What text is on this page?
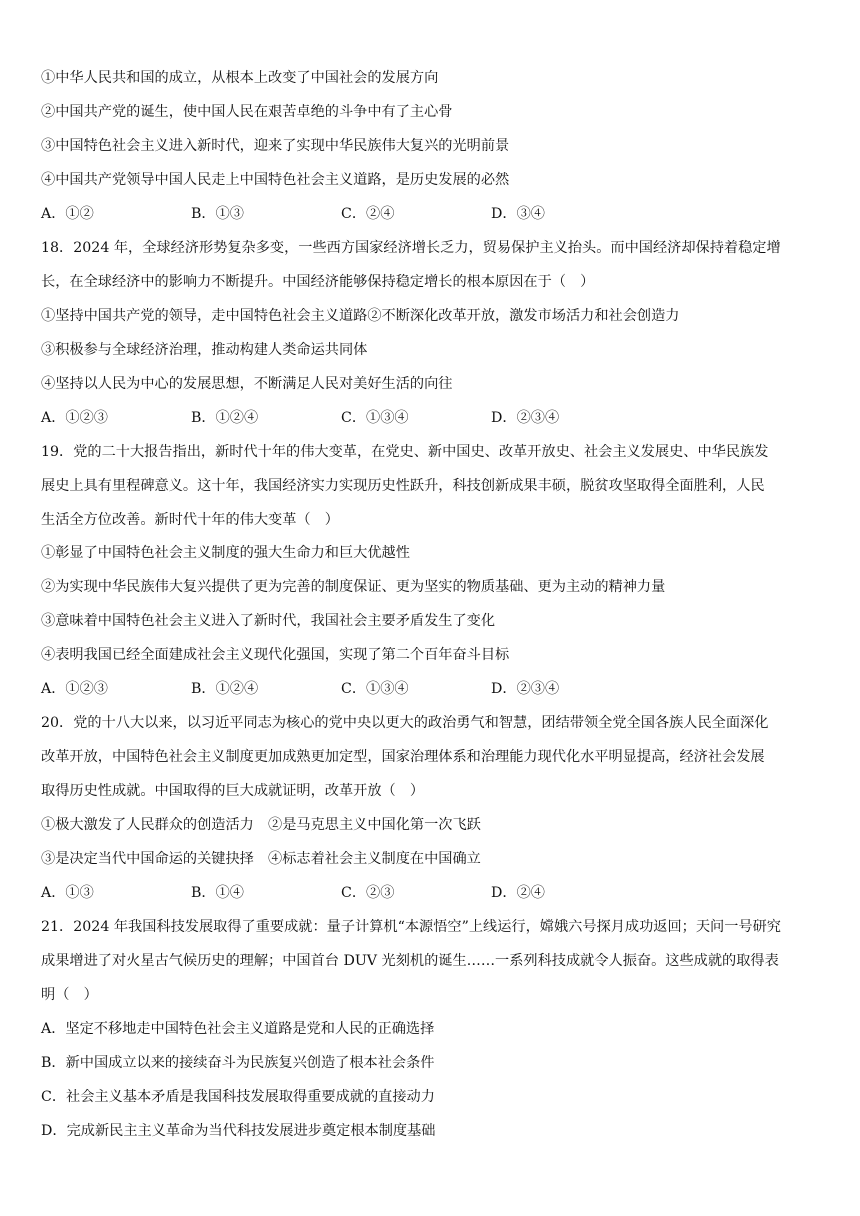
①中华人民共和国的成立，从根本上改变了中国社会的发展方向
②中国共产党的诞生，使中国人民在艰苦卓绝的斗争中有了主心骨
③中国特色社会主义进入新时代，迎来了实现中华民族伟大复兴的光明前景
④中国共产党领导中国人民走上中国特色社会主义道路，是历史发展的必然
A．①②	B．①③	C．②④	D．③④
18．2024 年，全球经济形势复杂多变，一些西方国家经济增长乏力，贸易保护主义抬头。而中国经济却保持着稳定增
长，在全球经济中的影响力不断提升。中国经济能够保持稳定增长的根本原因在于（　）
①坚持中国共产党的领导，走中国特色社会主义道路②不断深化改革开放，激发市场活力和社会创造力
③积极参与全球经济治理，推动构建人类命运共同体
④坚持以人民为中心的发展思想，不断满足人民对美好生活的向往
A．①②③	B．①②④	C．①③④	D．②③④
19．党的二十大报告指出，新时代十年的伟大变革，在党史、新中国史、改革开放史、社会主义发展史、中华民族发
展史上具有里程碑意义。这十年，我国经济实力实现历史性跃升，科技创新成果丰硕，脱贫攻坚取得全面胜利，人民
生活全方位改善。新时代十年的伟大变革（　）
①彰显了中国特色社会主义制度的强大生命力和巨大优越性
②为实现中华民族伟大复兴提供了更为完善的制度保证、更为坚实的物质基础、更为主动的精神力量
③意味着中国特色社会主义进入了新时代，我国社会主要矛盾发生了变化
④表明我国已经全面建成社会主义现代化强国，实现了第二个百年奋斗目标
A．①②③	B．①②④	C．①③④	D．②③④
20．党的十八大以来，以习近平同志为核心的党中央以更大的政治勇气和智慧，团结带领全党全国各族人民全面深化
改革开放，中国特色社会主义制度更加成熟更加定型，国家治理体系和治理能力现代化水平明显提高，经济社会发展
取得历史性成就。中国取得的巨大成就证明，改革开放（　）
①极大激发了人民群众的创造活力　②是马克思主义中国化第一次飞跃
③是决定当代中国命运的关键抉择　④标志着社会主义制度在中国确立
A．①③	B．①④	C．②③	D．②④
21．2024 年我国科技发展取得了重要成就：量子计算机“本源悟空”上线运行，嫦娥六号探月成功返回；天问一号研究
成果增进了对火星古气候历史的理解；中国首台 DUV 光刻机的诞生……一系列科技成就令人振奋。这些成就的取得表
明（　）
A．坚定不移地走中国特色社会主义道路是党和人民的正确选择
B．新中国成立以来的接续奋斗为民族复兴创造了根本社会条件
C．社会主义基本矛盾是我国科技发展取得重要成就的直接动力
D．完成新民主主义革命为当代科技发展进步奠定根本制度基础
